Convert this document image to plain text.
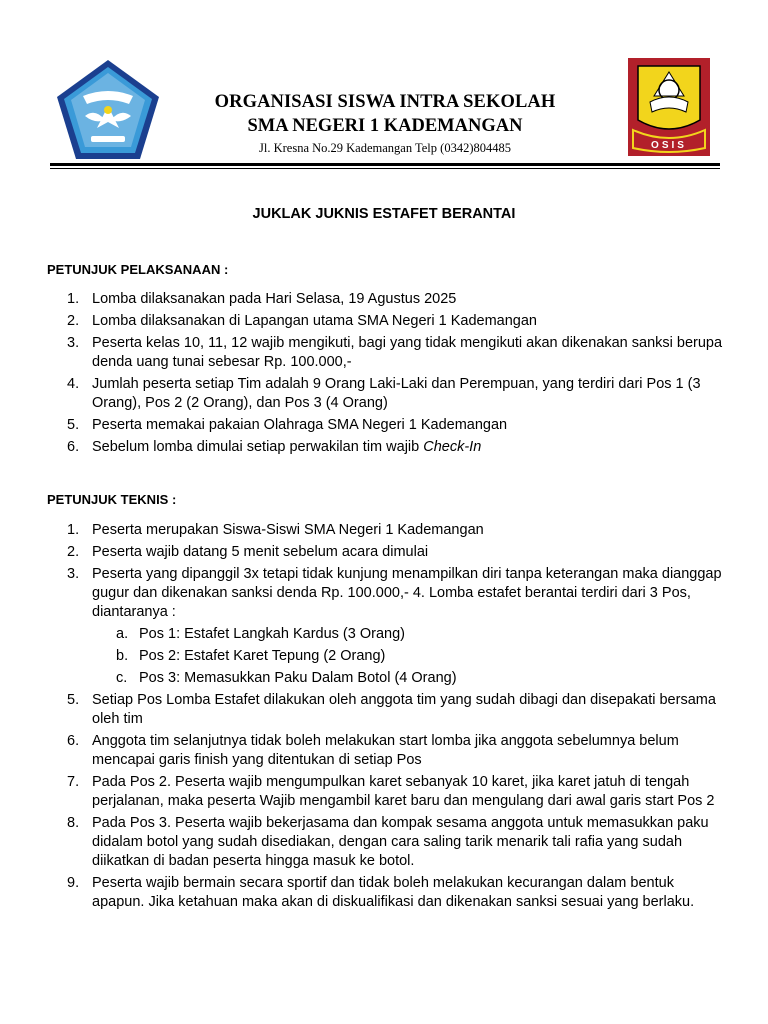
ORGANISASI SISWA INTRA SEKOLAH
SMA NEGERI 1 KADEMANGAN
Jl. Kresna No.29 Kademangan Telp (0342)804485	OSIS
JUKLAK JUKNIS ESTAFET BERANTAI
PETUNJUK PELAKSANAAN :
1. Lomba dilaksanakan pada Hari Selasa, 19 Agustus 2025
2. Lomba dilaksanakan di Lapangan utama SMA Negeri 1 Kademangan
3. Peserta kelas 10, 11, 12 wajib mengikuti, bagi yang tidak mengikuti akan dikenakan sanksi berupa denda uang tunai sebesar Rp. 100.000,-
4. Jumlah peserta setiap Tim adalah 9 Orang Laki-Laki dan Perempuan, yang terdiri dari Pos 1 (3 Orang), Pos 2 (2 Orang), dan Pos 3 (4 Orang)
5. Peserta memakai pakaian Olahraga SMA Negeri 1 Kademangan
6. Sebelum lomba dimulai setiap perwakilan tim wajib Check-In
PETUNJUK TEKNIS :
1. Peserta merupakan Siswa-Siswi SMA Negeri 1 Kademangan
2. Peserta wajib datang 5 menit sebelum acara dimulai
3. Peserta yang dipanggil 3x tetapi tidak kunjung menampilkan diri tanpa keterangan maka dianggap gugur dan dikenakan sanksi denda Rp. 100.000,- 4. Lomba estafet berantai terdiri dari 3 Pos, diantaranya :
a. Pos 1: Estafet Langkah Kardus (3 Orang)
b. Pos 2: Estafet Karet Tepung (2 Orang)
c. Pos 3: Memasukkan Paku Dalam Botol (4 Orang)
5. Setiap Pos Lomba Estafet dilakukan oleh anggota tim yang sudah dibagi dan disepakati bersama oleh tim
6. Anggota tim selanjutnya tidak boleh melakukan start lomba jika anggota sebelumnya belum mencapai garis finish yang ditentukan di setiap Pos
7. Pada Pos 2. Peserta wajib mengumpulkan karet sebanyak 10 karet, jika karet jatuh di tengah perjalanan, maka peserta Wajib mengambil karet baru dan mengulang dari awal garis start Pos 2
8. Pada Pos 3. Peserta wajib bekerjasama dan kompak sesama anggota untuk memasukkan paku didalam botol yang sudah disediakan, dengan cara saling tarik menarik tali rafia yang sudah diikatkan di badan peserta hingga masuk ke botol.
9. Peserta wajib bermain secara sportif dan tidak boleh melakukan kecurangan dalam bentuk apapun. Jika ketahuan maka akan di diskualifikasi dan dikenakan sanksi sesuai yang berlaku.
